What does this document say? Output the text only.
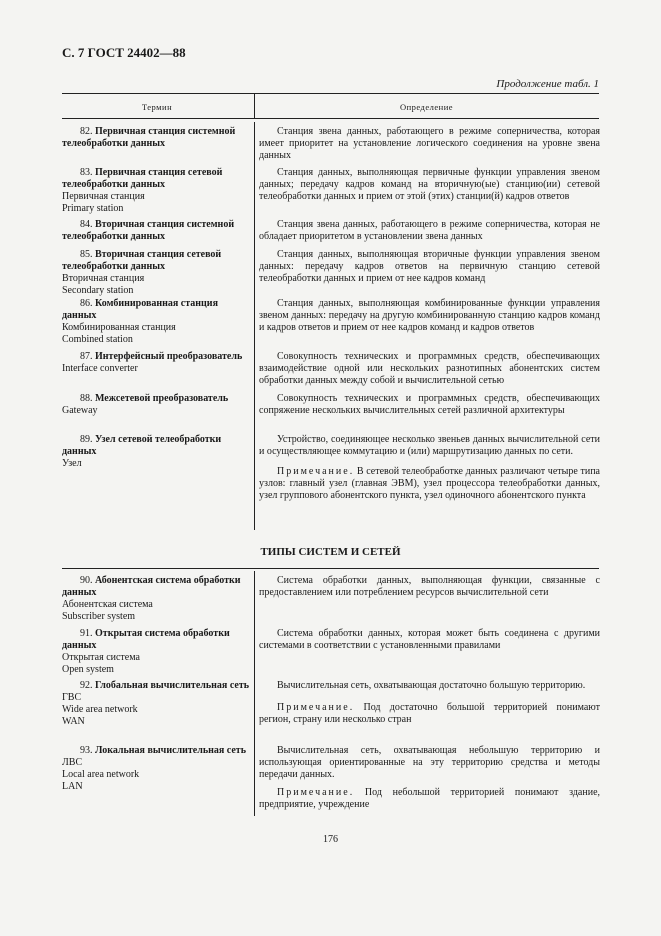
С. 7 ГОСТ 24402—88
Продолжение табл. 1
Термин	Определение
82. Первичная станция системной телеобработки данных
Станция звена данных, работающего в режиме соперничества, которая имеет приоритет на установление логического соединения на уровне звена данных
83. Первичная станция сетевой телеобработки данных
Первичная станция
Primary station
Станция данных, выполняющая первичные функции управления звеном данных; передачу кадров команд на вторичную(ые) станцию(ии) сетевой телеобработки данных и прием от этой (этих) станции(й) кадров ответов
84. Вторичная станция системной телеобработки данных
Станция звена данных, работающего в режиме соперничества, которая не обладает приоритетом в установлении звена данных
85. Вторичная станция сетевой телеобработки данных
Вторичная станция
Secondary station
Станция данных, выполняющая вторичные функции управления звеном данных: передачу кадров ответов на первичную станцию сетевой телеобработки данных и прием от нее кадров команд
86. Комбинированная станция данных
Комбинированная станция
Combined station
Станция данных, выполняющая комбинированные функции управления звеном данных: передачу на другую комбинированную станцию кадров команд и кадров ответов и прием от нее кадров команд и кадров ответов
87. Интерфейсный преобразователь
Interface converter
Совокупность технических и программных средств, обеспечивающих взаимодействие одной или нескольких разнотипных абонентских систем обработки данных между собой и вычислительной сетью
88. Межсетевой преобразователь
Gateway
Совокупность технических и программных средств, обеспечивающих сопряжение нескольких вычислительных сетей различной архитектуры
89. Узел сетевой телеобработки данных
Узел
Устройство, соединяющее несколько звеньев данных вычислительной сети и осуществляющее коммутацию и (или) маршрутизацию данных по сети.
Примечание. В сетевой телеобработке данных различают четыре типа узлов: главный узел (главная ЭВМ), узел процессора телеобработки данных, узел группового абонентского пункта, узел одиночного абонентского пункта
ТИПЫ СИСТЕМ И СЕТЕЙ
90. Абонентская система обработки данных
Абонентская система
Subscriber system
Система обработки данных, выполняющая функции, связанные с предоставлением или потреблением ресурсов вычислительной сети
91. Открытая система обработки данных
Открытая система
Open system
Система обработки данных, которая может быть соединена с другими системами в соответствии с установленными правилами
92. Глобальная вычислительная сеть
ГВС
Wide area network
WAN
Вычислительная сеть, охватывающая достаточно большую территорию.
Примечание. Под достаточно большой территорией понимают регион, страну или несколько стран
93. Локальная вычислительная сеть
ЛВС
Local area network
LAN
Вычислительная сеть, охватывающая небольшую территорию и использующая ориентированные на эту территорию средства и методы передачи данных.
Примечание. Под небольшой территорией понимают здание, предприятие, учреждение
176
